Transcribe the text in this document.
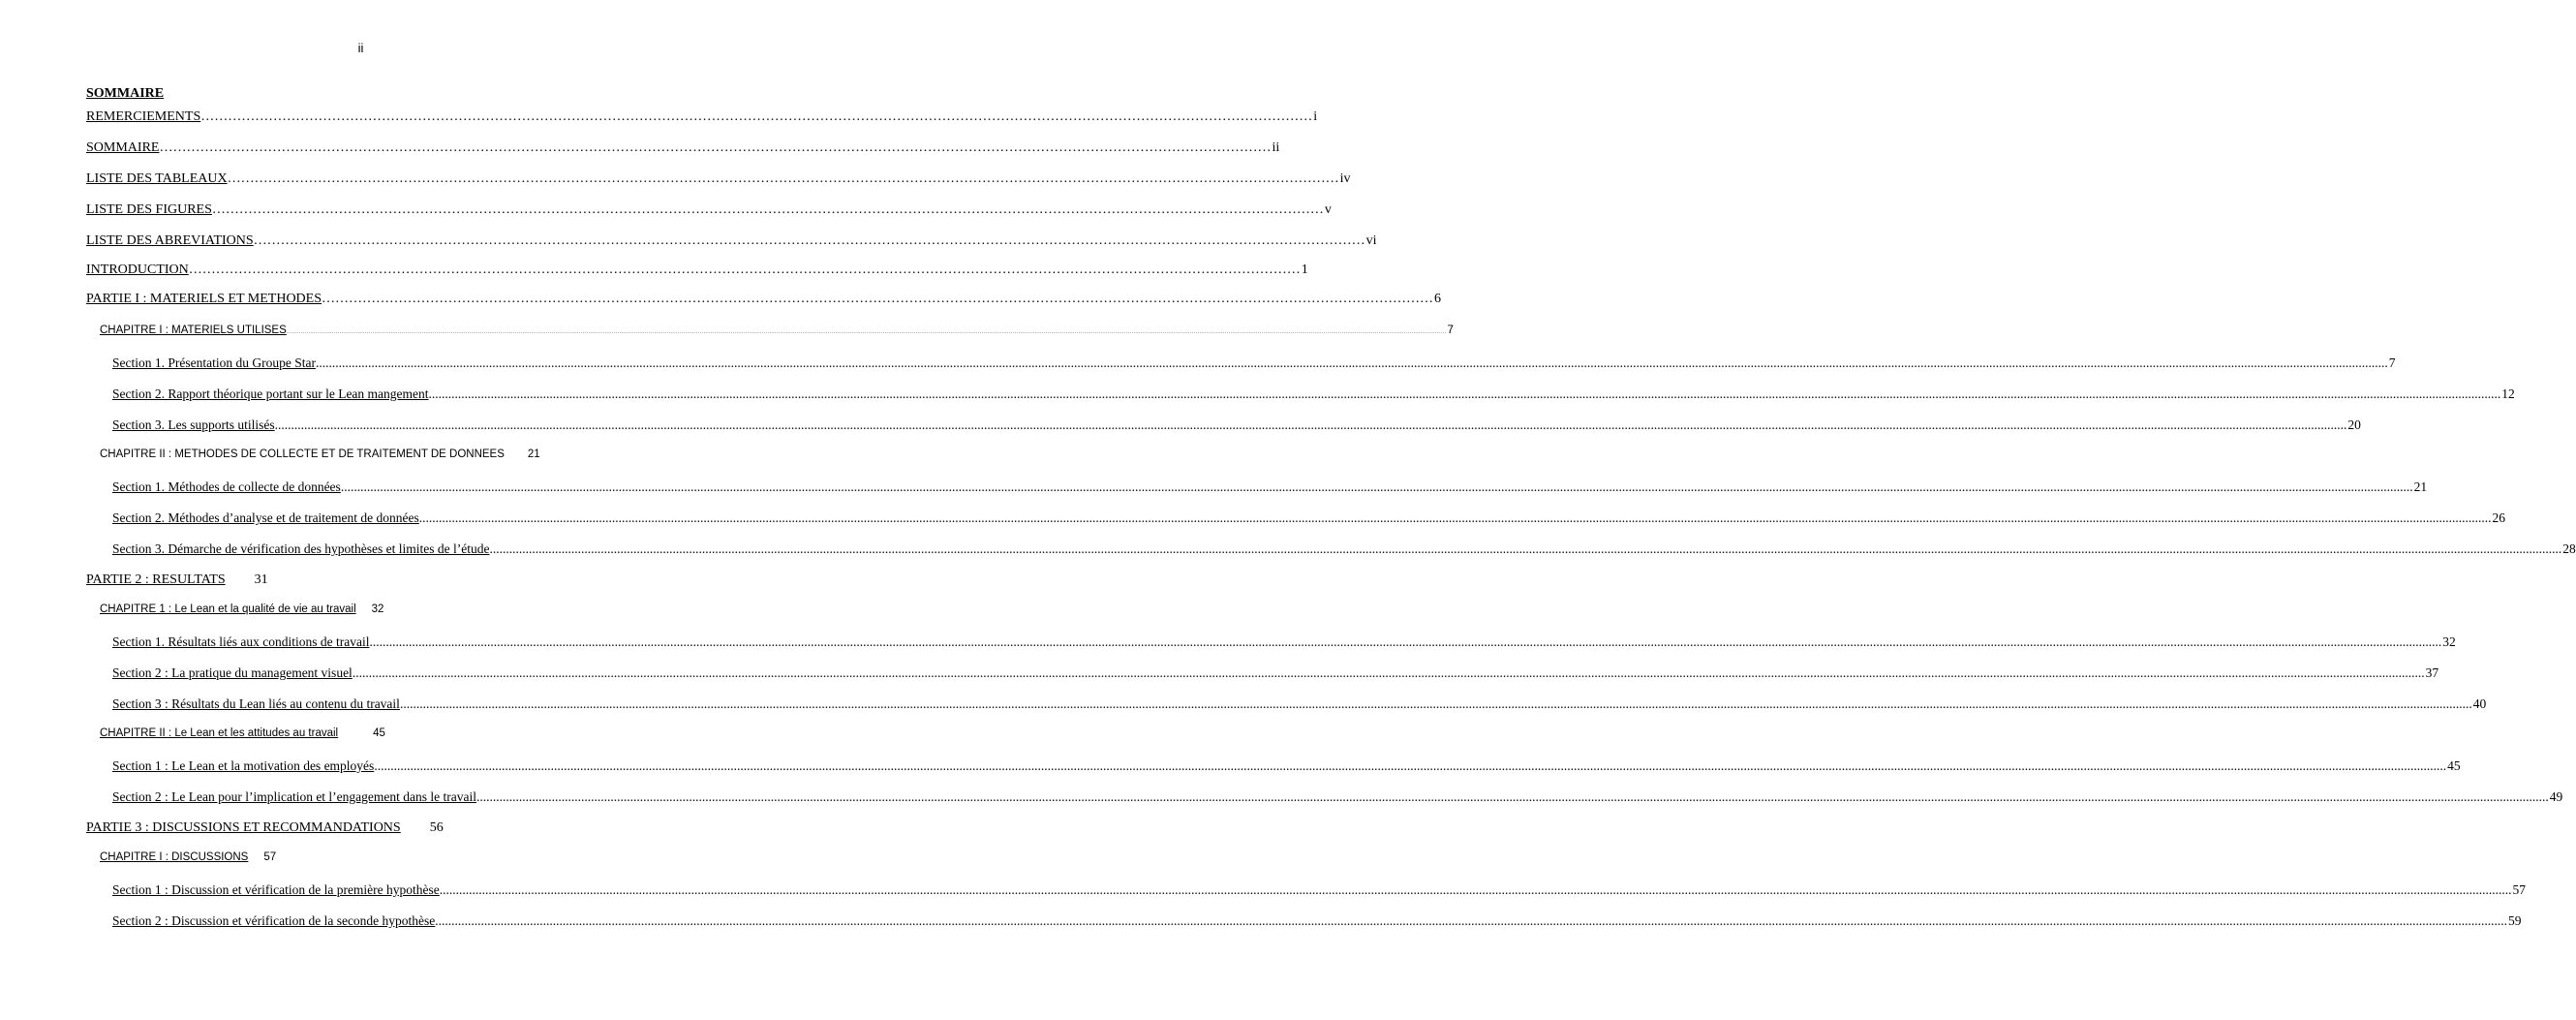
ii
SOMMAIRE
REMERCIEMENTS ………………………………………………………………………………………………………………………………………………………………………………………………………………………… i
SOMMAIRE ………………………………………………………………………………………………………………………………………………………………………………………………………………………… ii
LISTE DES TABLEAUX ………………………………………………………………………………………………………………………………………………………………………………………………………………………… iv
LISTE DES FIGURES ………………………………………………………………………………………………………………………………………………………………………………………………………………………… v
LISTE DES ABREVIATIONS ………………………………………………………………………………………………………………………………………………………………………………………………………………………… vi
INTRODUCTION ………………………………………………………………………………………………………………………………………………………………………………………………………………………… 1
PARTIE I : MATERIELS ET METHODES ………………………………………………………………………………………………………………………………………………………………………………………………………………………… 6
CHAPITRE I : MATERIELS UTILISES .......................................................................................................................................................................................................................................................................................................................................................................................................................................................................................................................................................................................................................................................... 7
Section 1. Présentation du Groupe Star .......................................................................................................................................................................................................................................................................................................................................................................................................................................................................................................................................................................................................................................................... 7
Section 2. Rapport théorique portant sur le Lean mangement .......................................................................................................................................................................................................................................................................................................................................................................................................................................................................................................................................................................................................................................................... 12
Section 3. Les supports utilisés .......................................................................................................................................................................................................................................................................................................................................................................................................................................................................................................................................................................................................................................................... 20
CHAPITRE II : METHODES DE COLLECTE ET DE TRAITEMENT DE DONNEES 21
Section 1. Méthodes de collecte de données .......................................................................................................................................................................................................................................................................................................................................................................................................................................................................................................................................................................................................................................................... 21
Section 2. Méthodes d’analyse et de traitement de données .......................................................................................................................................................................................................................................................................................................................................................................................................................................................................................................................................................................................................................................................... 26
Section 3. Démarche de vérification des hypothèses et limites de l’étude .......................................................................................................................................................................................................................................................................................................................................................................................................................................................................................................................................................................................................................................................... 28
PARTIE 2 : RESULTATS 31
CHAPITRE 1 : Le Lean et la qualité de vie au travail 32
Section 1. Résultats liés aux conditions de travail .......................................................................................................................................................................................................................................................................................................................................................................................................................................................................................................................................................................................................................................................... 32
Section 2 : La pratique du management visuel .......................................................................................................................................................................................................................................................................................................................................................................................................................................................................................................................................................................................................................................................... 37
Section 3 : Résultats du Lean liés au contenu du travail .......................................................................................................................................................................................................................................................................................................................................................................................................................................................................................................................................................................................................................................................... 40
CHAPITRE II : Le Lean et les attitudes au travail	45
Section 1 : Le Lean et la motivation des employés .......................................................................................................................................................................................................................................................................................................................................................................................................................................................................................................................................................................................................................................................... 45
Section 2 : Le Lean pour l’implication et l’engagement dans le travail .......................................................................................................................................................................................................................................................................................................................................................................................................................................................................................................................................................................................................................................................... 49
PARTIE 3 : DISCUSSIONS ET RECOMMANDATIONS 56
CHAPITRE I : DISCUSSIONS 57
Section 1 : Discussion et vérification de la première hypothèse .......................................................................................................................................................................................................................................................................................................................................................................................................................................................................................................................................................................................................................................................... 57
Section 2 : Discussion et vérification de la seconde hypothèse .......................................................................................................................................................................................................................................................................................................................................................................................................................................................................................................................................................................................................................................................... 59
